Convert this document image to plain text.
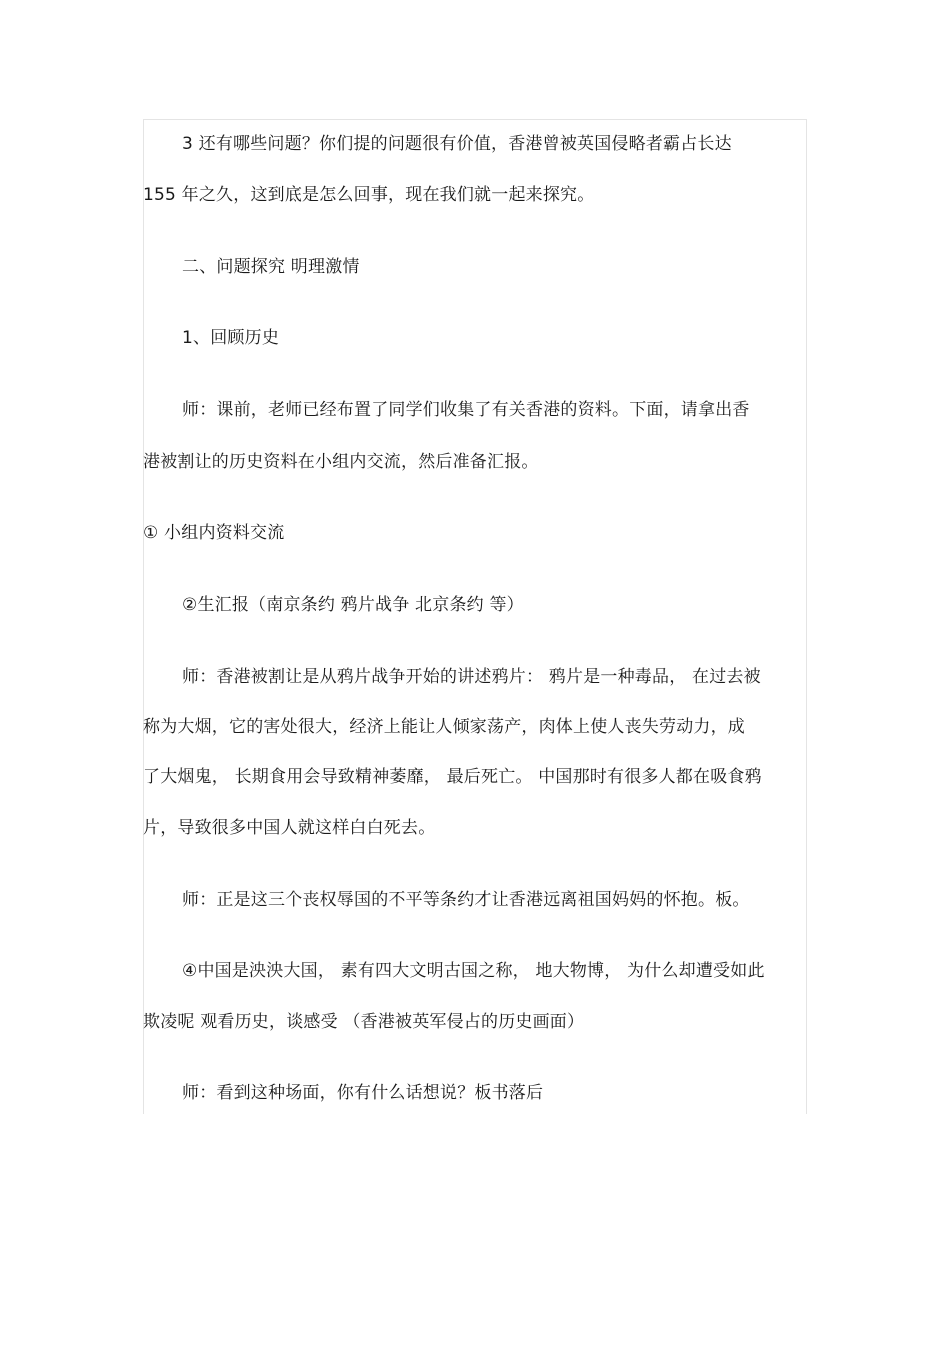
3 还有哪些问题？你们提的问题很有价值，香港曾被英国侵略者霸占长达
155 年之久，这到底是怎么回事，现在我们就一起来探究。
二、问题探究 明理激情
1、回顾历史
师：课前，老师已经布置了同学们收集了有关香港的资料。下面，请拿出香
港被割让的历史资料在小组内交流，然后准备汇报。
① 小组内资料交流
②生汇报（南京条约 鸦片战争 北京条约 等）
师：香港被割让是从鸦片战争开始的讲述鸦片： 鸦片是一种毒品， 在过去被
称为大烟，它的害处很大，经济上能让人倾家荡产，肉体上使人丧失劳动力，成
了大烟鬼， 长期食用会导致精神萎靡， 最后死亡。 中国那时有很多人都在吸食鸦
片，导致很多中国人就这样白白死去。
师：正是这三个丧权辱国的不平等条约才让香港远离祖国妈妈的怀抱。板。
④中国是泱泱大国， 素有四大文明古国之称， 地大物博， 为什么却遭受如此
欺凌呢 观看历史，谈感受 （香港被英军侵占的历史画面）
师：看到这种场面，你有什么话想说？板书落后
